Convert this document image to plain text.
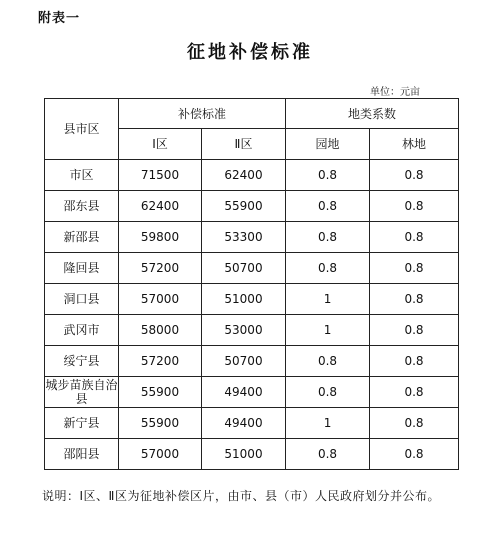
附表一
征地补偿标准
单位：元亩
县市区	补偿标准		地类系数	
	Ⅰ区	Ⅱ区	园地	林地
市区	71500	62400	0.8	0.8
邵东县	62400	55900	0.8	0.8
新邵县	59800	53300	0.8	0.8
隆回县	57200	50700	0.8	0.8
洞口县	57000	51000	1	0.8
武冈市	58000	53000	1	0.8
绥宁县	57200	50700	0.8	0.8
城步苗族自治县	55900	49400	0.8	0.8
新宁县	55900	49400	1	0.8
邵阳县	57000	51000	0.8	0.8
说明：Ⅰ区、Ⅱ区为征地补偿区片，由市、县（市）人民政府划分并公布。
